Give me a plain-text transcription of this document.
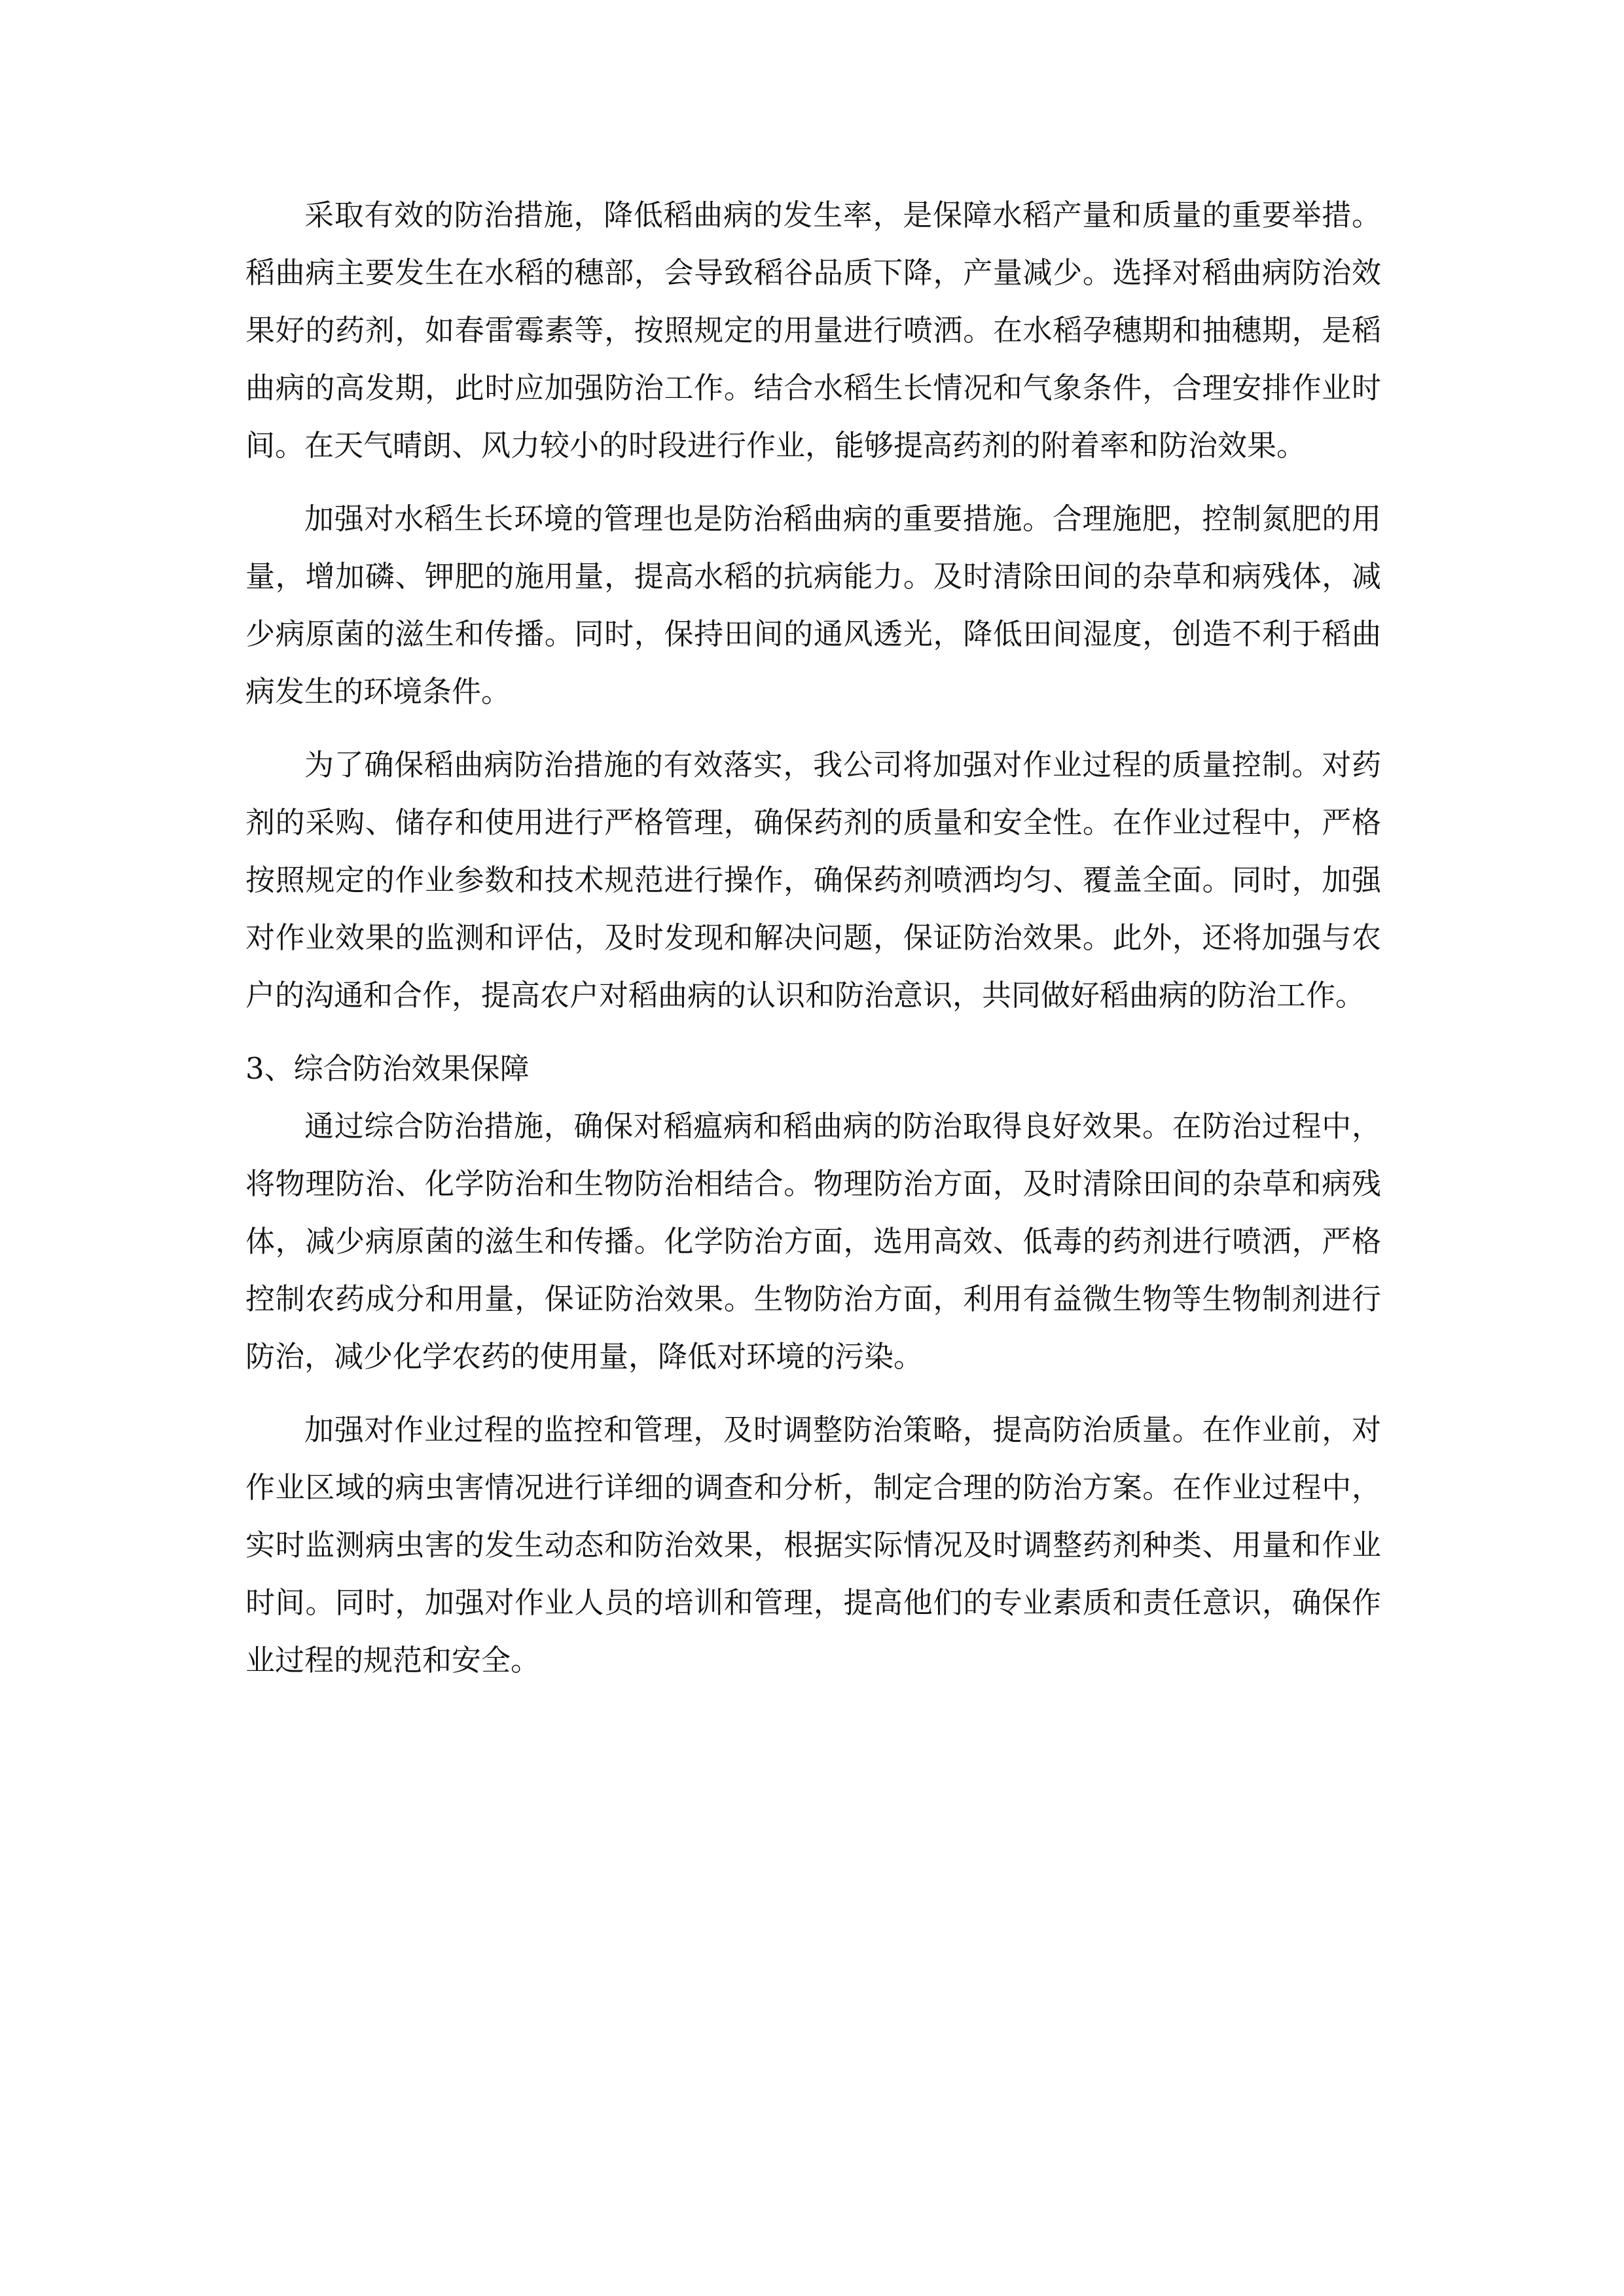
采取有效的防治措施，降低稻曲病的发生率，是保障水稻产量和质量的重要举措。稻曲病主要发生在水稻的穗部，会导致稻谷品质下降，产量减少。选择对稻曲病防治效果好的药剂，如春雷霉素等，按照规定的用量进行喷洒。在水稻孕穗期和抽穗期，是稻曲病的高发期，此时应加强防治工作。结合水稻生长情况和气象条件，合理安排作业时间。在天气晴朗、风力较小的时段进行作业，能够提高药剂的附着率和防治效果。

加强对水稻生长环境的管理也是防治稻曲病的重要措施。合理施肥，控制氮肥的用量，增加磷、钾肥的施用量，提高水稻的抗病能力。及时清除田间的杂草和病残体，减少病原菌的滋生和传播。同时，保持田间的通风透光，降低田间湿度，创造不利于稻曲病发生的环境条件。

为了确保稻曲病防治措施的有效落实，我公司将加强对作业过程的质量控制。对药剂的采购、储存和使用进行严格管理，确保药剂的质量和安全性。在作业过程中，严格按照规定的作业参数和技术规范进行操作，确保药剂喷洒均匀、覆盖全面。同时，加强对作业效果的监测和评估，及时发现和解决问题，保证防治效果。此外，还将加强与农户的沟通和合作，提高农户对稻曲病的认识和防治意识，共同做好稻曲病的防治工作。

3、综合防治效果保障

通过综合防治措施，确保对稻瘟病和稻曲病的防治取得良好效果。在防治过程中，将物理防治、化学防治和生物防治相结合。物理防治方面，及时清除田间的杂草和病残体，减少病原菌的滋生和传播。化学防治方面，选用高效、低毒的药剂进行喷洒，严格控制农药成分和用量，保证防治效果。生物防治方面，利用有益微生物等生物制剂进行防治，减少化学农药的使用量，降低对环境的污染。

加强对作业过程的监控和管理，及时调整防治策略，提高防治质量。在作业前，对作业区域的病虫害情况进行详细的调查和分析，制定合理的防治方案。在作业过程中，实时监测病虫害的发生动态和防治效果，根据实际情况及时调整药剂种类、用量和作业时间。同时，加强对作业人员的培训和管理，提高他们的专业素质和责任意识，确保作业过程的规范和安全。
